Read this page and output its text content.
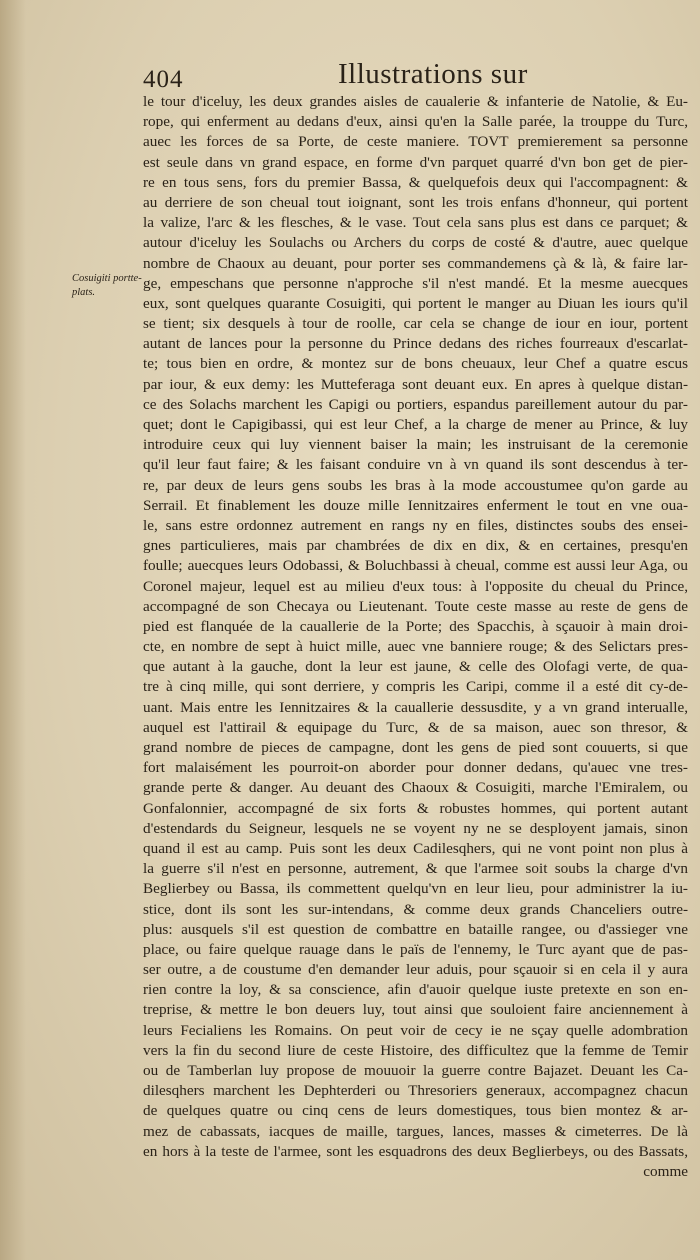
404	Illustrations sur
Cosuigiti portte-plats.
le tour d'iceluy, les deux grandes aisles de caualerie & infanterie de Natolie, & Eu-
rope, qui enferment au dedans d'eux, ainsi qu'en la Salle parée, la trouppe du Turc,
auec les forces de sa Porte, de ceste maniere. TOVT premierement sa personne
est seule dans vn grand espace, en forme d'vn parquet quarré d'vn bon get de pier-
re en tous sens, fors du premier Bassa, & quelquefois deux qui l'accompagnent: &
au derriere de son cheual tout ioignant, sont les trois enfans d'honneur, qui portent
la valize, l'arc & les flesches, & le vase. Tout cela sans plus est dans ce parquet; &
autour d'iceluy les Soulachs ou Archers du corps de costé & d'autre, auec quelque
nombre de Chaoux au deuant, pour porter ses commandemens çà & là, & faire lar-
ge, empeschans que personne n'approche s'il n'est mandé. Et la mesme auecques
eux, sont quelques quarante Cosuigiti, qui portent le manger au Diuan les iours qu'il
se tient; six desquels à tour de roolle, car cela se change de iour en iour, portent
autant de lances pour la personne du Prince dedans des riches fourreaux d'escarlat-
te; tous bien en ordre, & montez sur de bons cheuaux, leur Chef a quatre escus
par iour, & eux demy: les Mutteferaga sont deuant eux. En apres à quelque distan-
ce des Solachs marchent les Capigi ou portiers, espandus pareillement autour du par-
quet; dont le Capigibassi, qui est leur Chef, a la charge de mener au Prince, & luy
introduire ceux qui luy viennent baiser la main; les instruisant de la ceremonie
qu'il leur faut faire; & les faisant conduire vn à vn quand ils sont descendus à ter-
re, par deux de leurs gens soubs les bras à la mode accoustumee qu'on garde au
Serrail. Et finablement les douze mille Iennitzaires enferment le tout en vne oua-
le, sans estre ordonnez autrement en rangs ny en files, distinctes soubs des ensei-
gnes particulieres, mais par chambrées de dix en dix, & en certaines, presqu'en
foulle; auecques leurs Odobassi, & Boluchbassi à cheual, comme est aussi leur Aga, ou
Coronel majeur, lequel est au milieu d'eux tous: à l'opposite du cheual du Prince,
accompagné de son Checaya ou Lieutenant. Toute ceste masse au reste de gens de
pied est flanquée de la cauallerie de la Porte; des Spacchis, à sçauoir à main droi-
cte, en nombre de sept à huict mille, auec vne banniere rouge; & des Selictars pres-
que autant à la gauche, dont la leur est jaune, & celle des Olofagi verte, de qua-
tre à cinq mille, qui sont derriere, y compris les Caripi, comme il a esté dit cy-de-
uant. Mais entre les Iennitzaires & la cauallerie dessusdite, y a vn grand interualle,
auquel est l'attirail & equipage du Turc, & de sa maison, auec son thresor, &
grand nombre de pieces de campagne, dont les gens de pied sont couuerts, si que
fort malaisément les pourroit-on aborder pour donner dedans, qu'auec vne tres-
grande perte & danger. Au deuant des Chaoux & Cosuigiti, marche l'Emiralem, ou
Gonfalonnier, accompagné de six forts & robustes hommes, qui portent autant
d'estendards du Seigneur, lesquels ne se voyent ny ne se desployent jamais, sinon
quand il est au camp. Puis sont les deux Cadilesqhers, qui ne vont point non plus à
la guerre s'il n'est en personne, autrement, & que l'armee soit soubs la charge d'vn
Beglierbey ou Bassa, ils commettent quelqu'vn en leur lieu, pour administrer la iu-
stice, dont ils sont les sur-intendans, & comme deux grands Chanceliers outre-
plus: ausquels s'il est question de combattre en bataille rangee, ou d'assieger vne
place, ou faire quelque rauage dans le païs de l'ennemy, le Turc ayant que de pas-
ser outre, a de coustume d'en demander leur aduis, pour sçauoir si en cela il y aura
rien contre la loy, & sa conscience, afin d'auoir quelque iuste pretexte en son en-
treprise, & mettre le bon deuers luy, tout ainsi que souloient faire anciennement à
leurs Fecialiens les Romains. On peut voir de cecy ie ne sçay quelle adombration
vers la fin du second liure de ceste Histoire, des difficultez que la femme de Temir
ou de Tamberlan luy propose de mouuoir la guerre contre Bajazet. Deuant les Ca-
dilesqhers marchent les Dephterderi ou Thresoriers generaux, accompagnez chacun
de quelques quatre ou cinq cens de leurs domestiques, tous bien montez & ar-
mez de cabassats, iacques de maille, targues, lances, masses & cimeterres. De là
en hors à la teste de l'armee, sont les esquadrons des deux Beglierbeys, ou des Bassats,
comme
